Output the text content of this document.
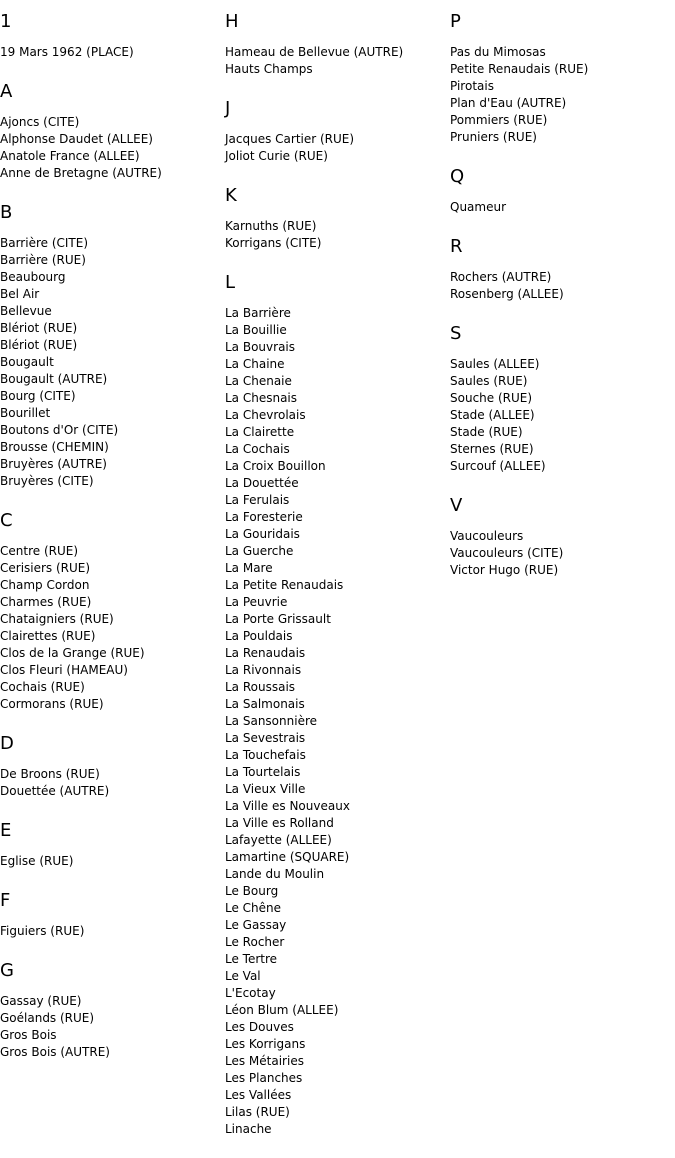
1
19 Mars 1962 (PLACE)
A
Ajoncs (CITE)
Alphonse Daudet (ALLEE)
Anatole France (ALLEE)
Anne de Bretagne (AUTRE)
B
Barrière (CITE)
Barrière (RUE)
Beaubourg
Bel Air
Bellevue
Blériot (RUE)
Blériot (RUE)
Bougault
Bougault (AUTRE)
Bourg (CITE)
Bourillet
Boutons d'Or (CITE)
Brousse (CHEMIN)
Bruyères (AUTRE)
Bruyères (CITE)
C
Centre (RUE)
Cerisiers (RUE)
Champ Cordon
Charmes (RUE)
Chataigniers (RUE)
Clairettes (RUE)
Clos de la Grange (RUE)
Clos Fleuri (HAMEAU)
Cochais (RUE)
Cormorans (RUE)
D
De Broons (RUE)
Douettée (AUTRE)
E
Eglise (RUE)
F
Figuiers (RUE)
G
Gassay (RUE)
Goélands (RUE)
Gros Bois
Gros Bois (AUTRE)
H
Hameau de Bellevue (AUTRE)
Hauts Champs
J
Jacques Cartier (RUE)
Joliot Curie (RUE)
K
Karnuths (RUE)
Korrigans (CITE)
L
La Barrière
La Bouillie
La Bouvrais
La Chaine
La Chenaie
La Chesnais
La Chevrolais
La Clairette
La Cochais
La Croix Bouillon
La Douettée
La Ferulais
La Foresterie
La Gouridais
La Guerche
La Mare
La Petite Renaudais
La Peuvrie
La Porte Grissault
La Pouldais
La Renaudais
La Rivonnais
La Roussais
La Salmonais
La Sansonnière
La Sevestrais
La Touchefais
La Tourtelais
La Vieux Ville
La Ville es Nouveaux
La Ville es Rolland
Lafayette (ALLEE)
Lamartine (SQUARE)
Lande du Moulin
Le Bourg
Le Chêne
Le Gassay
Le Rocher
Le Tertre
Le Val
L'Ecotay
Léon Blum (ALLEE)
Les Douves
Les Korrigans
Les Métairies
Les Planches
Les Vallées
Lilas (RUE)
Linache
P
Pas du Mimosas
Petite Renaudais (RUE)
Pirotais
Plan d'Eau (AUTRE)
Pommiers (RUE)
Pruniers (RUE)
Q
Quameur
R
Rochers (AUTRE)
Rosenberg (ALLEE)
S
Saules (ALLEE)
Saules (RUE)
Souche (RUE)
Stade (ALLEE)
Stade (RUE)
Sternes (RUE)
Surcouf (ALLEE)
V
Vaucouleurs
Vaucouleurs (CITE)
Victor Hugo (RUE)
